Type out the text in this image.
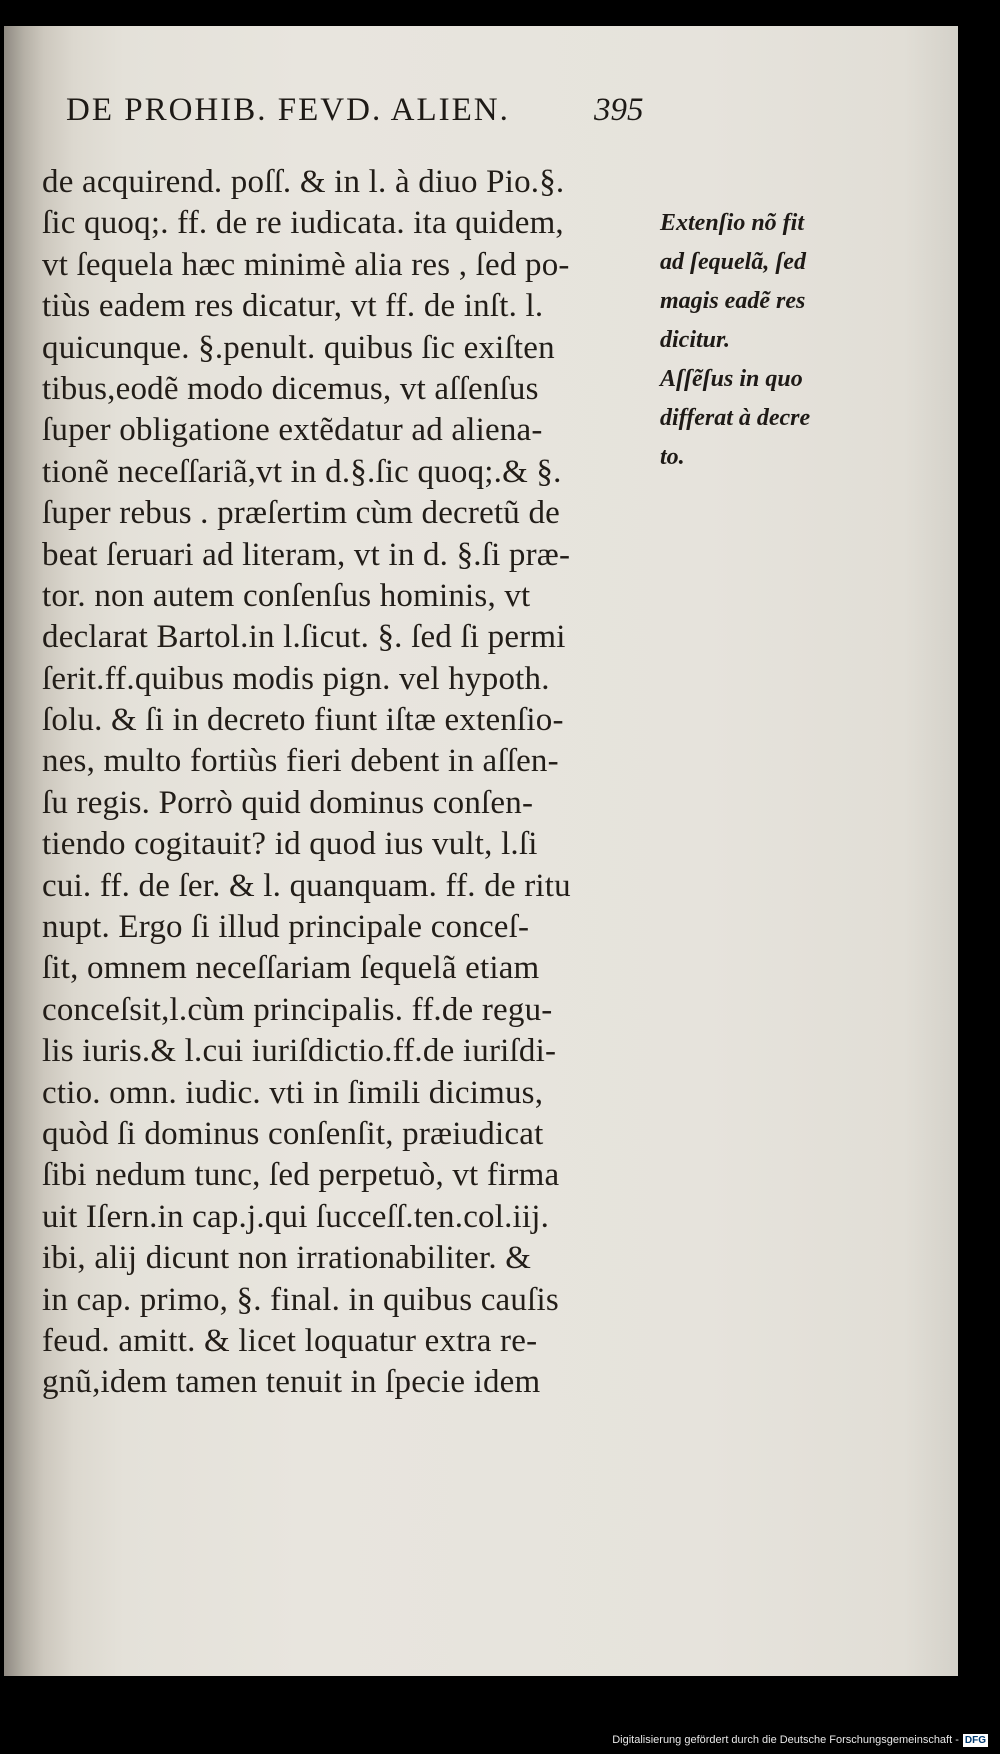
DE PROHIB. FEVD. ALIEN.	395
de acquirend. poſſ. & in l. à diuo Pio.§.
ſic quoq;. ff. de re iudicata. ita quidem,
vt ſequela hæc minimè alia res , ſed po-
tiùs eadem res dicatur, vt ff. de inſt. l.
quicunque. §.penult. quibus ſic exiſten
tibus,eodẽ modo dicemus, vt aſſenſus
ſuper obligatione extẽdatur ad aliena-
tionẽ neceſſariã,vt in d.§.ſic quoq;.& §.
ſuper rebus . præſertim cùm decretũ de
beat ſeruari ad literam, vt in d. §.ſi præ-
tor. non autem conſenſus hominis, vt
declarat Bartol.in l.ſicut. §. ſed ſi permi
ſerit.ff.quibus modis pign. vel hypoth.
ſolu. & ſi in decreto fiunt iſtæ extenſio-
nes, multo fortiùs fieri debent in aſſen-
ſu regis. Porrò quid dominus conſen-
tiendo cogitauit? id quod ius vult, l.ſi
cui. ff. de ſer. & l. quanquam. ff. de ritu
nupt. Ergo ſi illud principale conceſ-
ſit, omnem neceſſariam ſequelã etiam
conceſsit,l.cùm principalis. ff.de regu-
lis iuris.& l.cui iuriſdictio.ff.de iuriſdi-
ctio. omn. iudic. vti in ſimili dicimus,
quòd ſi dominus conſenſit, præiudicat
ſibi nedum tunc, ſed perpetuò, vt firma
uit Iſern.in cap.j.qui ſucceſſ.ten.col.iij.
ibi, alij dicunt non irrationabiliter. &
in cap. primo, §. final. in quibus cauſis
feud. amitt. & licet loquatur extra re-
gnũ,idem tamen tenuit in ſpecie idem
Extenſio nõ fit
ad ſequelã, ſed
magis eadẽ res
dicitur.
Aſſẽſus in quo
differat à decre
to.
Digitalisierung gefördert durch die Deutsche Forschungsgemeinschaft - DFG
